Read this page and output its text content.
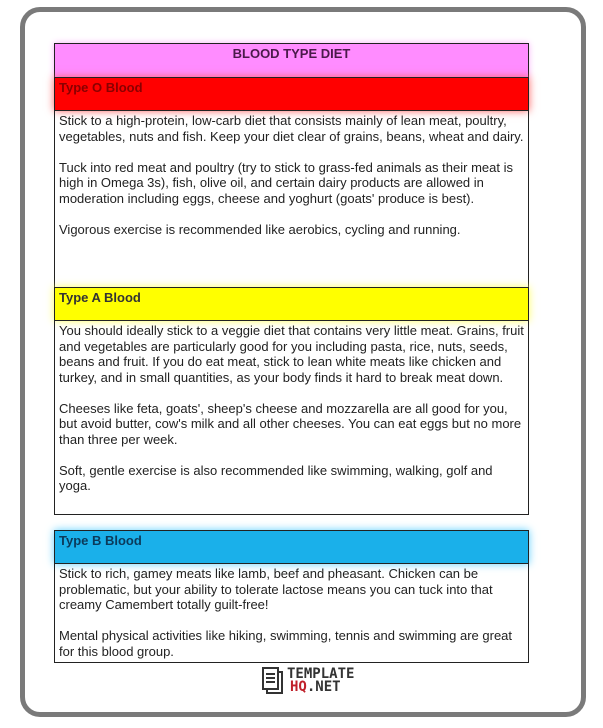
BLOOD TYPE DIET
Type O Blood

Stick to a high-protein, low-carb diet that consists mainly of lean meat, poultry, vegetables, nuts and fish. Keep your diet clear of grains, beans, wheat and dairy.

Tuck into red meat and poultry (try to stick to grass-fed animals as their meat is high in Omega 3s), fish, olive oil, and certain dairy products are allowed in moderation including eggs, cheese and yoghurt (goats' produce is best).

Vigorous exercise is recommended like aerobics, cycling and running.

Type A Blood

You should ideally stick to a veggie diet that contains very little meat. Grains, fruit and vegetables are particularly good for you including pasta, rice, nuts, seeds, beans and fruit. If you do eat meat, stick to lean white meats like chicken and turkey, and in small quantities, as your body finds it hard to break meat down.

Cheeses like feta, goats', sheep's cheese and mozzarella are all good for you, but avoid butter, cow's milk and all other cheeses. You can eat eggs but no more than three per week.

Soft, gentle exercise is also recommended like swimming, walking, golf and yoga.

Type B Blood

Stick to rich, gamey meats like lamb, beef and pheasant. Chicken can be problematic, but your ability to tolerate lactose means you can tuck into that creamy Camembert totally guilt-free!

Mental physical activities like hiking, swimming, tennis and swimming are great for this blood group.

TEMPLATE
HQ.NET
